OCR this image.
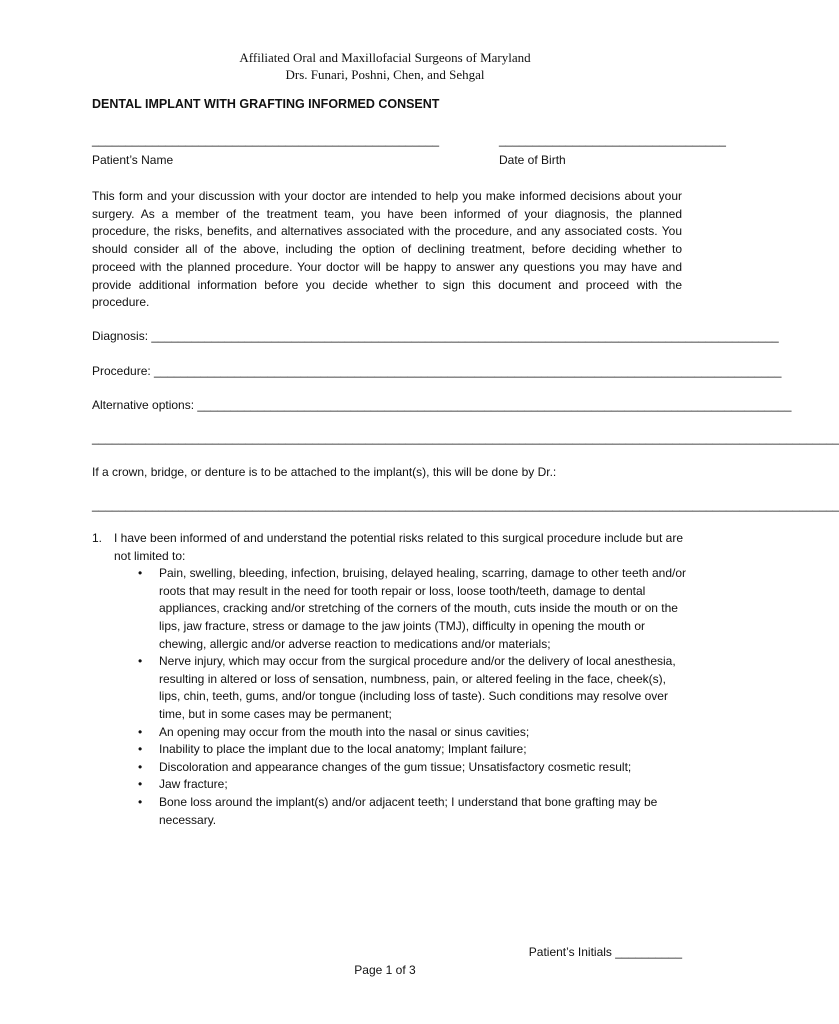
Affiliated Oral and Maxillofacial Surgeons of Maryland
Drs. Funari, Poshni, Chen, and Sehgal
DENTAL IMPLANT WITH GRAFTING INFORMED CONSENT
____________________________________________________	__________________________________
Patient’s Name	Date of Birth

This form and your discussion with your doctor are intended to help you make informed decisions about your surgery. As a member of the treatment team, you have been informed of your diagnosis, the planned procedure, the risks, benefits, and alternatives associated with the procedure, and any associated costs. You should consider all of the above, including the option of declining treatment, before deciding whether to proceed with the planned procedure. Your doctor will be happy to answer any questions you may have and provide additional information before you decide whether to sign this document and proceed with the procedure.

Diagnosis: ______________________________________________________________________________________________
Procedure: ______________________________________________________________________________________________
Alternative options: _________________________________________________________________________________________
________________________________________________________________________________________________________________
If a crown, bridge, or denture is to be attached to the implant(s), this will be done by Dr.:
________________________________________________________________________________________________________________
1. I have been informed of and understand the potential risks related to this surgical procedure include but are not limited to:
• Pain, swelling, bleeding, infection, bruising, delayed healing, scarring, damage to other teeth and/or roots that may result in the need for tooth repair or loss, loose tooth/teeth, damage to dental appliances, cracking and/or stretching of the corners of the mouth, cuts inside the mouth or on the lips, jaw fracture, stress or damage to the jaw joints (TMJ), difficulty in opening the mouth or chewing, allergic and/or adverse reaction to medications and/or materials;
• Nerve injury, which may occur from the surgical procedure and/or the delivery of local anesthesia, resulting in altered or loss of sensation, numbness, pain, or altered feeling in the face, cheek(s), lips, chin, teeth, gums, and/or tongue (including loss of taste). Such conditions may resolve over time, but in some cases may be permanent;
• An opening may occur from the mouth into the nasal or sinus cavities;
• Inability to place the implant due to the local anatomy; Implant failure;
• Discoloration and appearance changes of the gum tissue; Unsatisfactory cosmetic result;
• Jaw fracture;
• Bone loss around the implant(s) and/or adjacent teeth; I understand that bone grafting may be necessary.
Patient’s Initials __________
Page 1 of 3
